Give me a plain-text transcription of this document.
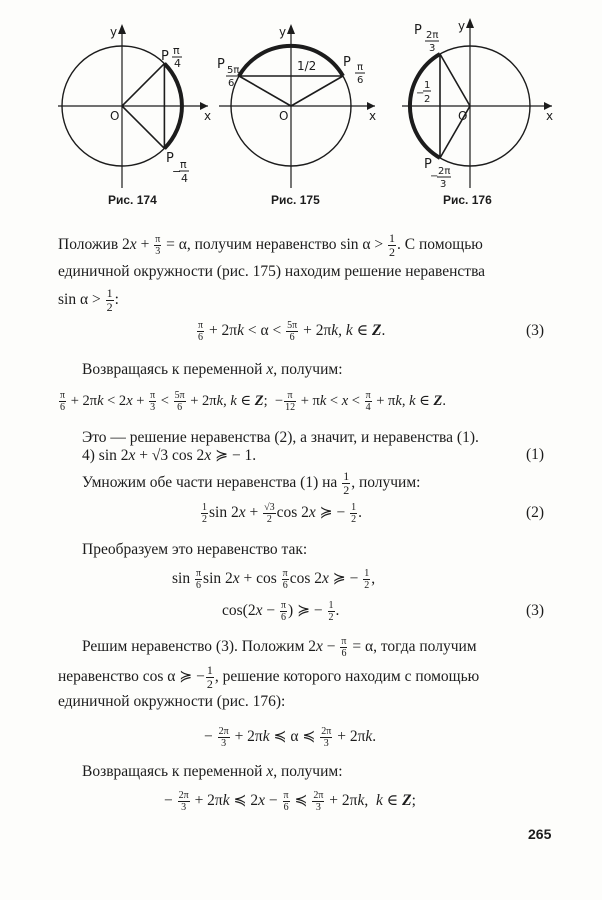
y
x
O
P π
4
P
−
π
4
Рис. 174
y
x
O
1/2
P 5π
6
P π
6
Рис. 175
y
x
O
−
1
2
P 2π
3
P
− 2π
3
Рис. 176
Положив $2x + \frac{\pi}{3} = \alpha$, получим неравенство $\sin \alpha > \frac{1}{2}$ . С помощью
единичной окружности (рис. 175) находим решение неравенства
$\sin \alpha > \frac{1}{2}$ :
$\frac{\pi}{6} + 2\pi k < \alpha < \frac{5\pi}{6} + 2\pi k$, k ∈ Z.	(3)
Возвращаясь к переменной x, получим:
$\frac{\pi}{6} + 2\pi k < 2x + \frac{\pi}{3} < \frac{5\pi}{6} + 2\pi k$, k ∈ Z;  − $\frac{\pi}{12} + \pi k < x < \frac{\pi}{4} + \pi k$, k ∈ Z.
Это — решение неравенства (2), а значит, и неравенства (1).
4) sin 2x + √3 cos 2x ≽ − 1.	(1)
Умножим обе части неравенства (1) на $\frac{1}{2}$ , получим:
$\frac{1}{2}$ $\sin 2x + \frac{√3}{2}$ cos 2x ≽ − $\frac{1}{2}$ .	(2)
Преобразуем это неравенство так:
$\sin \frac{\pi}{6}$ $\sin 2x + \cos \frac{\pi}{6}$ cos 2x ≽ − $\frac{1}{2}$ ,
$\cos(2x - \frac{\pi}{6}$ ) ≽ − $\frac{1}{2}$ .	(3)
Решим неравенство (3). Положим $2x - \frac{\pi}{6} = \alpha$, тогда получим
неравенство cos α ≽ − $\frac{1}{2}$ , решение которого находим с помощью
единичной окружности (рис. 176):
− $\frac{2\pi}{3} + 2\pi k$ ≼ α ≼ $\frac{2\pi}{3} + 2\pi k$.
Возвращаясь к переменной x, получим:
− $\frac{2\pi}{3} + 2\pi k$ ≼ $2x - \frac{\pi}{6}$ ≼ $\frac{2\pi}{3} + 2\pi k$,  k ∈ Z;
265
